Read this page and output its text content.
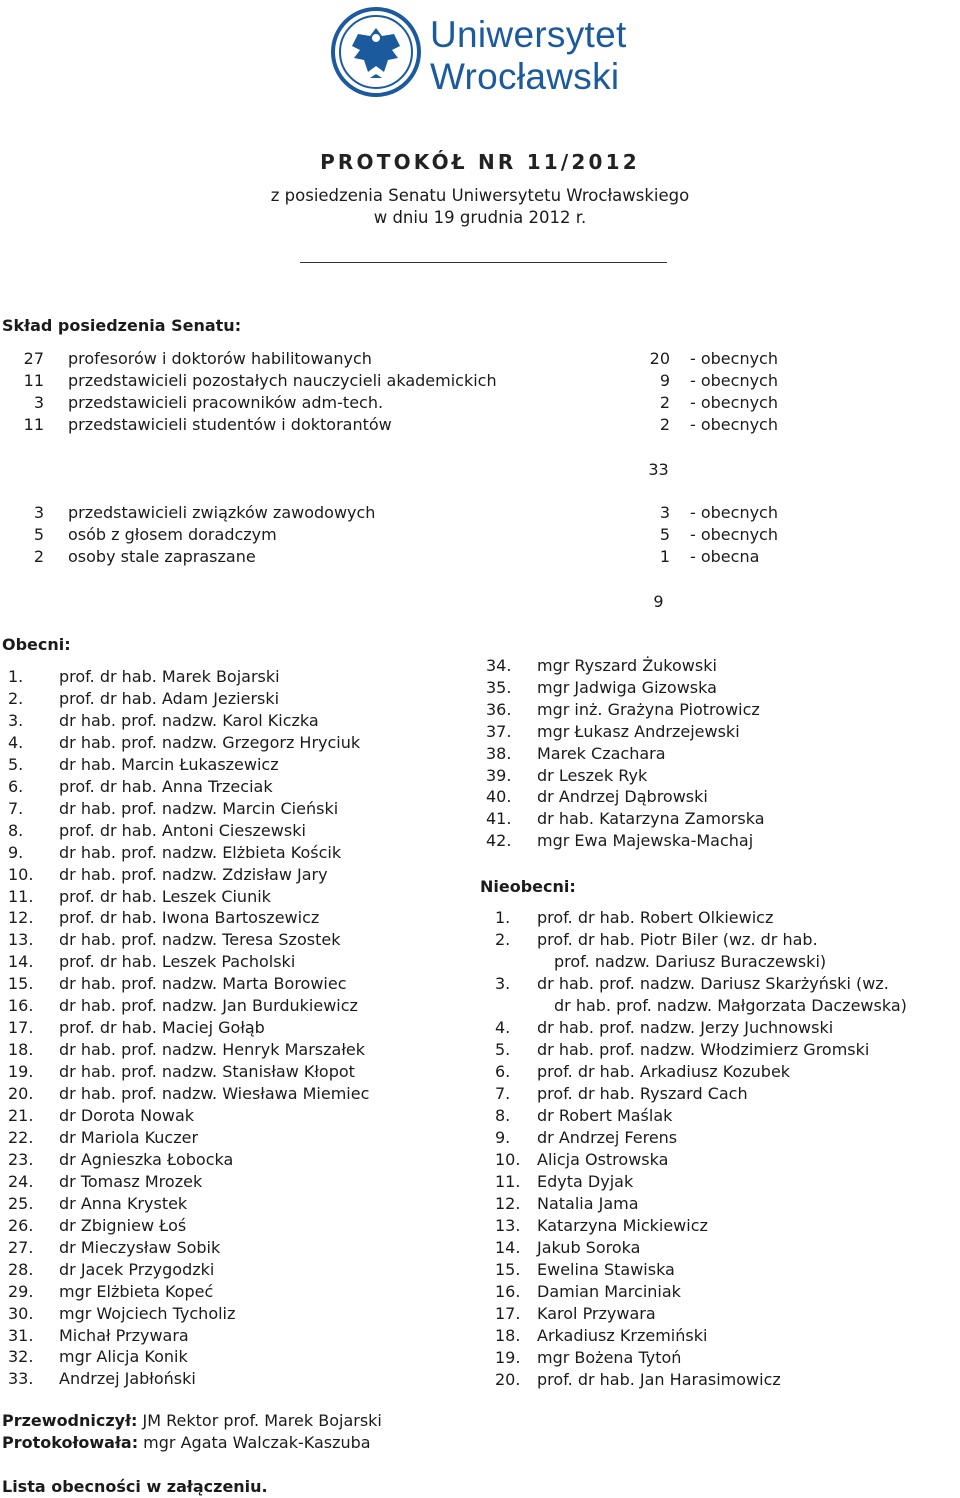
Uniwersytet
Wrocławski
PROTOKÓŁ NR 11/2012
z posiedzenia Senatu Uniwersytetu Wrocławskiego
w dniu 19 grudnia 2012 r.
Skład posiedzenia Senatu:
27 profesorów i doktorów habilitowanych	20 - obecnych
11 przedstawicieli pozostałych nauczycieli akademickich	9 - obecnych
3 przedstawicieli pracowników adm-tech.	2 - obecnych
11 przedstawicieli studentów i doktorantów	2 - obecnych
33
3 przedstawicieli związków zawodowych	3 - obecnych
5 osób z głosem doradczym	5 - obecnych
2 osoby stale zapraszane	1 - obecna
9
Obecni:
1. prof. dr hab. Marek Bojarski
2. prof. dr hab. Adam Jezierski
3. dr hab. prof. nadzw. Karol Kiczka
4. dr hab. prof. nadzw. Grzegorz Hryciuk
5. dr hab. Marcin Łukaszewicz
6. prof. dr hab. Anna Trzeciak
7. dr hab. prof. nadzw. Marcin Cieński
8. prof. dr hab. Antoni Cieszewski
9. dr hab. prof. nadzw. Elżbieta Kościk
10. dr hab. prof. nadzw. Zdzisław Jary
11. prof. dr hab. Leszek Ciunik
12. prof. dr hab. Iwona Bartoszewicz
13. dr hab. prof. nadzw. Teresa Szostek
14. prof. dr hab. Leszek Pacholski
15. dr hab. prof. nadzw. Marta Borowiec
16. dr hab. prof. nadzw. Jan Burdukiewicz
17. prof. dr hab. Maciej Gołąb
18. dr hab. prof. nadzw. Henryk Marszałek
19. dr hab. prof. nadzw. Stanisław Kłopot
20. dr hab. prof. nadzw. Wiesława Miemiec
21. dr Dorota Nowak
22. dr Mariola Kuczer
23. dr Agnieszka Łobocka
24. dr Tomasz Mrozek
25. dr Anna Krystek
26. dr Zbigniew Łoś
27. dr Mieczysław Sobik
28. dr Jacek Przygodzki
29. mgr Elżbieta Kopeć
30. mgr Wojciech Tycholiz
31. Michał Przywara
32. mgr Alicja Konik
33. Andrzej Jabłoński
34. mgr Ryszard Żukowski
35. mgr Jadwiga Gizowska
36. mgr inż. Grażyna Piotrowicz
37. mgr Łukasz Andrzejewski
38. Marek Czachara
39. dr Leszek Ryk
40. dr Andrzej Dąbrowski
41. dr hab. Katarzyna Zamorska
42. mgr Ewa Majewska-Machaj
Nieobecni:
1. prof. dr hab. Robert Olkiewicz
2. prof. dr hab. Piotr Biler (wz. dr hab.
prof. nadzw. Dariusz Buraczewski)
3. dr hab. prof. nadzw. Dariusz Skarżyński (wz.
dr hab. prof. nadzw. Małgorzata Daczewska)
4. dr hab. prof. nadzw. Jerzy Juchnowski
5. dr hab. prof. nadzw. Włodzimierz Gromski
6. prof. dr hab. Arkadiusz Kozubek
7. prof. dr hab. Ryszard Cach
8. dr Robert Maślak
9. dr Andrzej Ferens
10. Alicja Ostrowska
11. Edyta Dyjak
12. Natalia Jama
13. Katarzyna Mickiewicz
14. Jakub Soroka
15. Ewelina Stawiska
16. Damian Marciniak
17. Karol Przywara
18. Arkadiusz Krzemiński
19. mgr Bożena Tytoń
20. prof. dr hab. Jan Harasimowicz
Przewodniczył: JM Rektor prof. Marek Bojarski
Protokołowała: mgr Agata Walczak-Kaszuba
Lista obecności w załączeniu.
